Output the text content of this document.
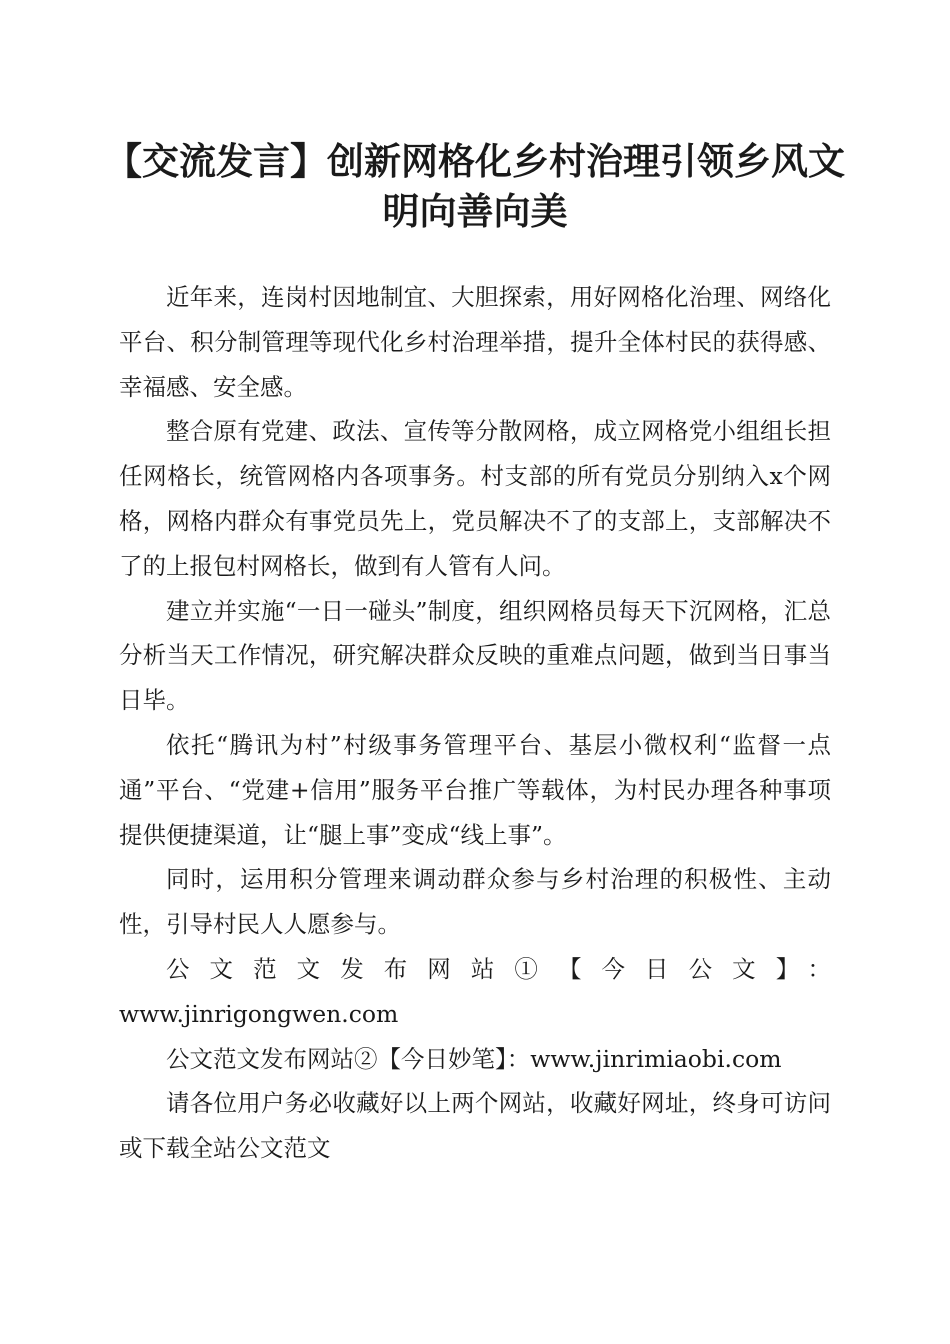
【交流发言】创新网格化乡村治理引领乡风文
明向善向美

近年来，连岗村因地制宜、大胆探索，用好网格化治理、网络化平台、积分制管理等现代化乡村治理举措，提升全体村民的获得感、幸福感、安全感。

整合原有党建、政法、宣传等分散网格，成立网格党小组组长担任网格长，统管网格内各项事务。村支部的所有党员分别纳入x个网格，网格内群众有事党员先上，党员解决不了的支部上，支部解决不了的上报包村网格长，做到有人管有人问。

建立并实施“一日一碰头”制度，组织网格员每天下沉网格，汇总分析当天工作情况，研究解决群众反映的重难点问题，做到当日事当日毕。

依托“腾讯为村”村级事务管理平台、基层小微权利“监督一点通”平台、“党建+信用”服务平台推广等载体，为村民办理各种事项提供便捷渠道，让“腿上事”变成“线上事”。

同时，运用积分管理来调动群众参与乡村治理的积极性、主动性，引导村民人人愿参与。

公文范文发布网站①【今日公文】：

www.jinrigongwen.com

公文范文发布网站②【今日妙笔】：www.jinrimiaobi.com

请各位用户务必收藏好以上两个网站，收藏好网址，终身可访问或下载全站公文范文
